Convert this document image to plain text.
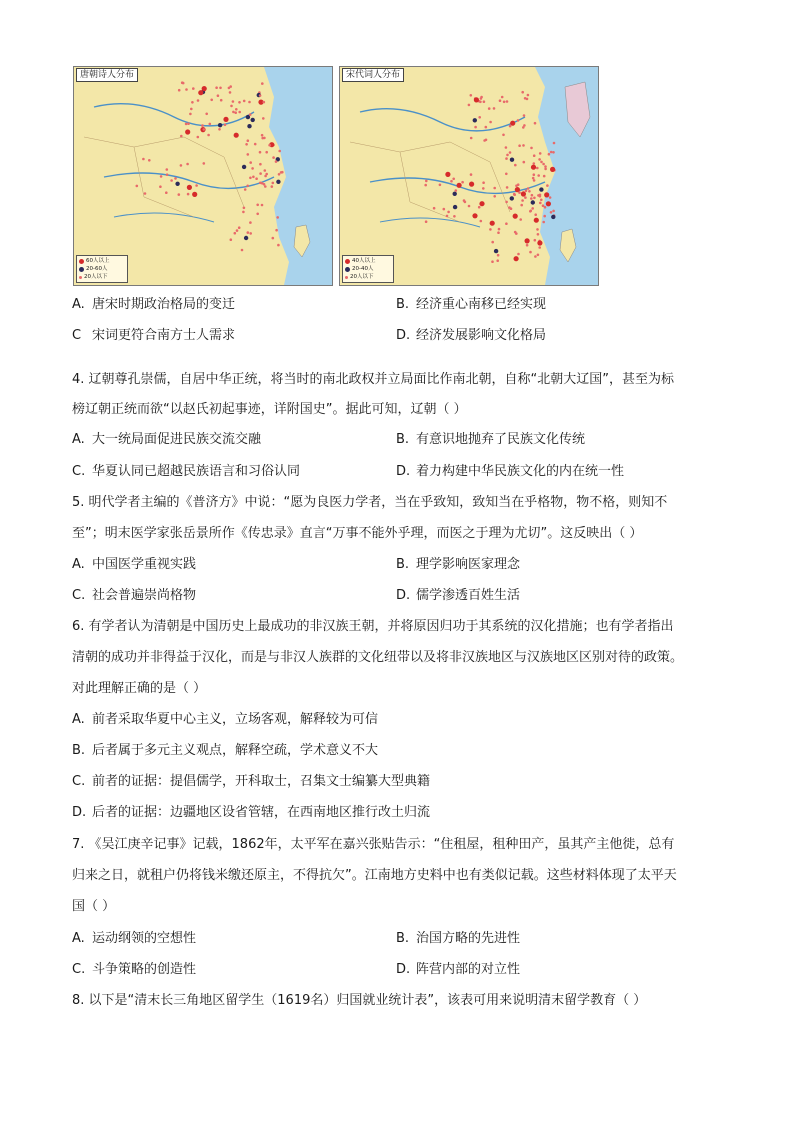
唐朝诗人分布
60人以上
20-60人
20人以下
宋代词人分布
40人以上
20-40人
20人以下
A. 唐宋时期政治格局的变迁	B. 经济重心南移已经实现
C 宋词更符合南方士人需求	D. 经济发展影响文化格局
4. 辽朝尊孔崇儒，自居中华正统，将当时的南北政权并立局面比作南北朝，自称“北朝大辽国”，甚至为标
榜辽朝正统而欲“以赵氏初起事迹，详附国史”。据此可知，辽朝（ ）
A. 大一统局面促进民族交流交融	B. 有意识地抛弃了民族文化传统
C. 华夏认同已超越民族语言和习俗认同	D. 着力构建中华民族文化的内在统一性
5. 明代学者主编的《普济方》中说：“愿为良医力学者，当在乎致知，致知当在乎格物，物不格，则知不
至”；明末医学家张岳景所作《传忠录》直言“万事不能外乎理，而医之于理为尤切”。这反映出（ ）
A. 中国医学重视实践	B. 理学影响医家理念
C. 社会普遍崇尚格物	D. 儒学渗透百姓生活
6. 有学者认为清朝是中国历史上最成功的非汉族王朝，并将原因归功于其系统的汉化措施；也有学者指出
清朝的成功并非得益于汉化，而是与非汉人族群的文化纽带以及将非汉族地区与汉族地区区别对待的政策。
对此理解正确的是（ ）
A. 前者采取华夏中心主义，立场客观，解释较为可信
B. 后者属于多元主义观点，解释空疏，学术意义不大
C. 前者的证据：提倡儒学，开科取士，召集文士编纂大型典籍
D. 后者的证据：边疆地区设省管辖，在西南地区推行改土归流
7. 《吴江庚辛记事》记载，1862年，太平军在嘉兴张贴告示：“住租屋，租种田产，虽其产主他徙，总有
归来之日，就租户仍将钱米缴还原主，不得抗欠”。江南地方史料中也有类似记载。这些材料体现了太平天
国（ ）
A. 运动纲领的空想性	B. 治国方略的先进性
C. 斗争策略的创造性	D. 阵营内部的对立性
8. 以下是“清末长三角地区留学生（1619名）归国就业统计表”，该表可用来说明清末留学教育（ ）
